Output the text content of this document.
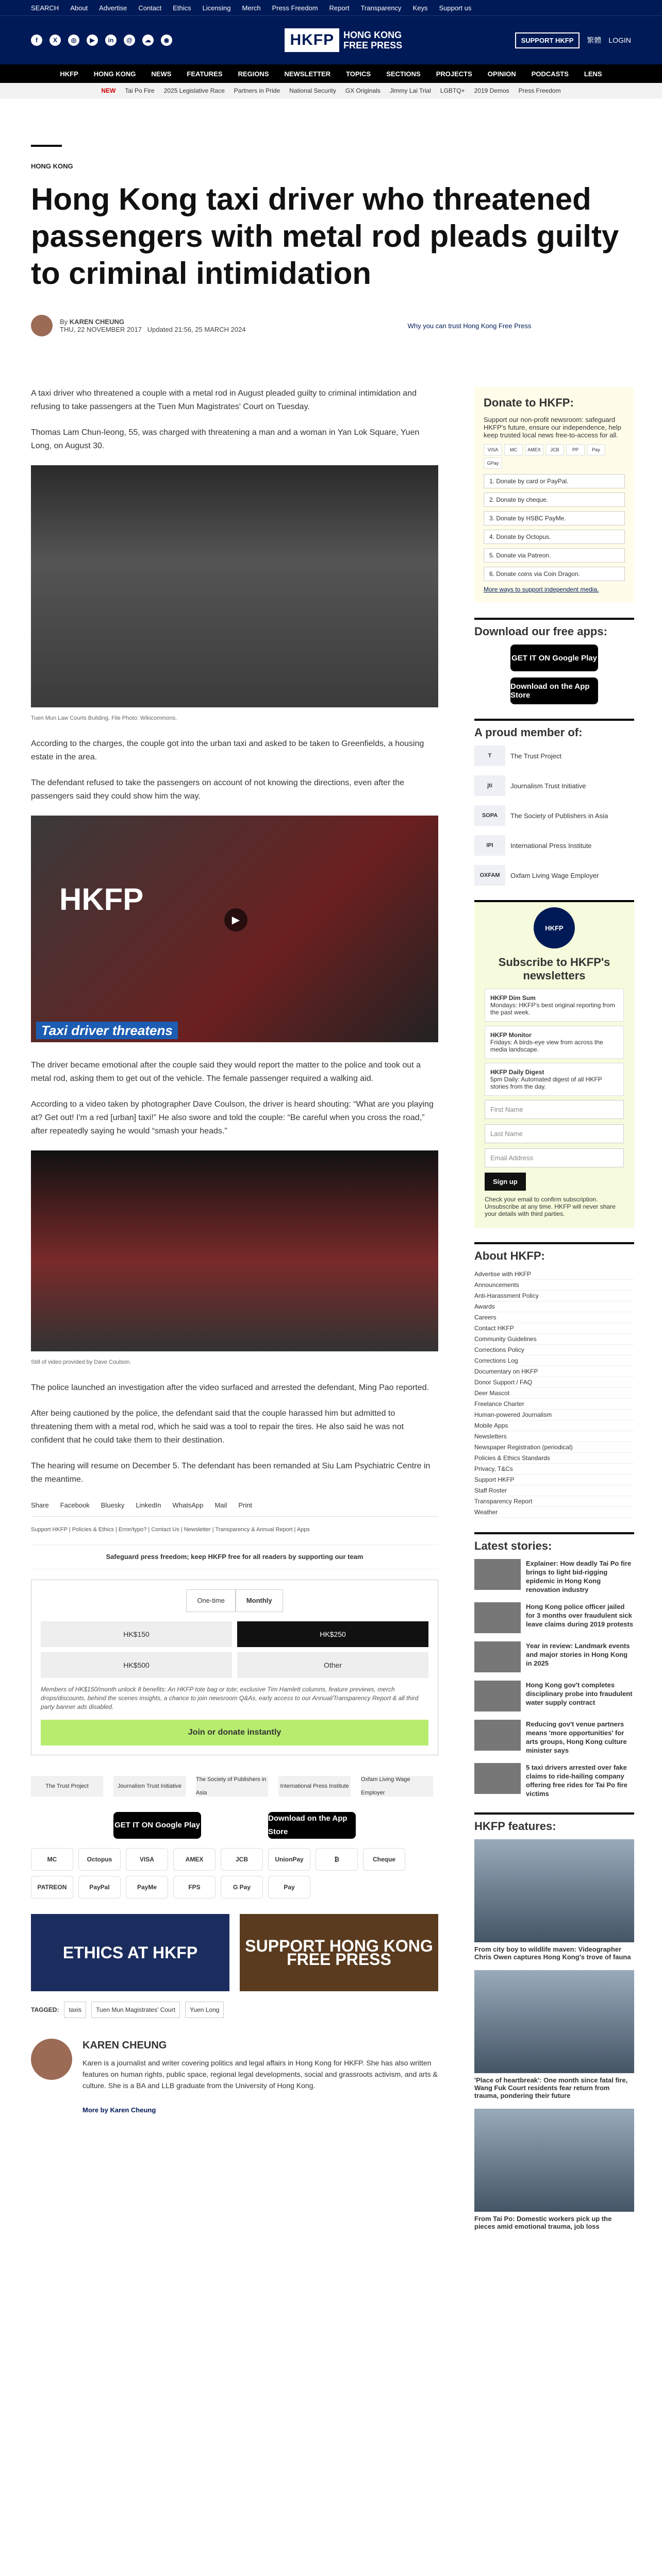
SEARCH About Advertise Contact Ethics Licensing Merch Press Freedom Report Transparency Keys Support us
f	X	◎	▶	in	@	☁	◉	HKFP	HONG KONG
FREE PRESS	SUPPORT HKFP	繁體 LOGIN
HKFP HONG KONG NEWS FEATURES REGIONS NEWSLETTER TOPICS SECTIONS PROJECTS OPINION PODCASTS LENS
NEW Tai Po Fire 2025 Legislative Race Partners in Pride National Security GX Originals Jimmy Lai Trial LGBTQ+ 2019 Demos Press Freedom
HONG KONG
Hong Kong taxi driver who threatened passengers with metal rod pleads guilty to criminal intimidation
By KAREN CHEUNG
THU, 22 NOVEMBER 2017 Updated 21:56, 25 MARCH 2024	Why you can trust Hong Kong Free Press

A taxi driver who threatened a couple with a metal rod in August pleaded guilty to criminal intimidation and refusing to take passengers at the Tuen Mun Magistrates' Court on Tuesday.

Thomas Lam Chun-leong, 55, was charged with threatening a man and a woman in Yan Lok Square, Yuen Long, on August 30.

Tuen Mun Law Courts Building. File Photo: Wikicommons.

According to the charges, the couple got into the urban taxi and asked to be taken to Greenfields, a housing estate in the area.

The defendant refused to take the passengers on account of not knowing the directions, even after the passengers said they could show him the way.

HKFP
▶
Taxi driver threatens

The driver became emotional after the couple said they would report the matter to the police and took out a metal rod, asking them to get out of the vehicle. The female passenger required a walking aid.

According to a video taken by photographer Dave Coulson, the driver is heard shouting: “What are you playing at? Get out! I'm a red [urban] taxi!” He also swore and told the couple: “Be careful when you cross the road,” after repeatedly saying he would “smash your heads.”

Still of video provided by Dave Coulson.

The police launched an investigation after the video surfaced and arrested the defendant, Ming Pao reported.

After being cautioned by the police, the defendant said that the couple harassed him but admitted to threatening them with a metal rod, which he said was a tool to repair the tires. He also said he was not confident that he could take them to their destination.

The hearing will resume on December 5. The defendant has been remanded at Siu Lam Psychiatric Centre in the meantime.

Share Facebook Bluesky LinkedIn WhatsApp Mail Print
Support HKFP | Policies & Ethics | Error/typo? | Contact Us | Newsletter | Transparency & Annual Report | Apps
Safeguard press freedom; keep HKFP free for all readers by supporting our team
One-time	Monthly
HK$150	HK$250
HK$500	Other

Members of HK$150/month unlock 8 benefits: An HKFP tote bag or tote; exclusive Tim Hamlett columns, feature previews, merch drops/discounts, behind the scenes insights, a chance to join newsroom Q&As, early access to our Annual/Transparency Report & all third party banner ads disabled.

Join or donate instantly
The Trust Project	Journalism Trust Initiative
The Society of Publishers in Asia
International Press Institute
Oxfam Living Wage Employer
GET IT ON Google Play
Download on the App Store
MC	Octopus	VISA	AMEX	JCB	UnionPay	₿	Cheque
PATREON	PayPal	PayMe	FPS	G Pay	Pay
ETHICS AT HKFP	SUPPORT HONG KONG FREE PRESS
TAGGED:	taxis	Tuen Mun Magistrates' Court	Yuen Long
KAREN CHEUNG

Karen is a journalist and writer covering politics and legal affairs in Hong Kong for HKFP. She has also written features on human rights, public space, regional legal developments, social and grassroots activism, and arts & culture. She is a BA and LLB graduate from the University of Hong Kong.

More by Karen Cheung
Donate to HKFP:

Support our non-profit newsroom: safeguard HKFP's future, ensure our independence, help keep trusted local news free-to-access for all.

VISA	MC	AMEX	JCB	PP	Pay
GPay
1. Donate by card or PayPal.
2. Donate by cheque.
3. Donate by HSBC PayMe.
4. Donate by Octopus.
5. Donate via Patreon.
6. Donate coins via Coin Dragon.
More ways to support independent media.
Download our free apps:
GET IT ON Google Play
Download on the App Store
A proud member of:
T	The Trust Project
jti	Journalism Trust Initiative
SOPA	The Society of Publishers in Asia
IPI	International Press Institute
OXFAM	Oxfam Living Wage Employer
HKFP
Subscribe to HKFP's newsletters
HKFP Dim Sum
Mondays: HKFP's best original reporting from the past week.
HKFP Monitor
Fridays: A birds-eye view from across the media landscape.
HKFP Daily Digest
5pm Daily: Automated digest of all HKFP stories from the day.
First Name
Last Name
Email Address
Sign up

Check your email to confirm subscription. Unsubscribe at any time. HKFP will never share your details with third parties.

About HKFP:
Advertise with HKFP
Announcements
Anti-Harassment Policy
Awards
Careers
Contact HKFP
Community Guidelines
Corrections Policy
Corrections Log
Documentary on HKFP
Donor Support / FAQ
Deer Mascot
Freelance Charter
Human-powered Journalism
Mobile Apps
Newsletters
Newspaper Registration (periodical)
Policies & Ethics Standards
Privacy, T&Cs
Support HKFP
Staff Roster
Transparency Report
Weather
Latest stories:
Explainer: How deadly Tai Po fire brings to light bid-rigging epidemic in Hong Kong renovation industry
Hong Kong police officer jailed for 3 months over fraudulent sick leave claims during 2019 protests
Year in review: Landmark events and major stories in Hong Kong in 2025
Hong Kong gov't completes disciplinary probe into fraudulent water supply contract
Reducing gov't venue partners means 'more opportunities' for arts groups, Hong Kong culture minister says
5 taxi drivers arrested over fake claims to ride-hailing company offering free rides for Tai Po fire victims
HKFP features:
From city boy to wildlife maven: Videographer Chris Owen captures Hong Kong's trove of fauna
'Place of heartbreak': One month since fatal fire, Wang Fuk Court residents fear return from trauma, pondering their future
From Tai Po: Domestic workers pick up the pieces amid emotional trauma, job loss
